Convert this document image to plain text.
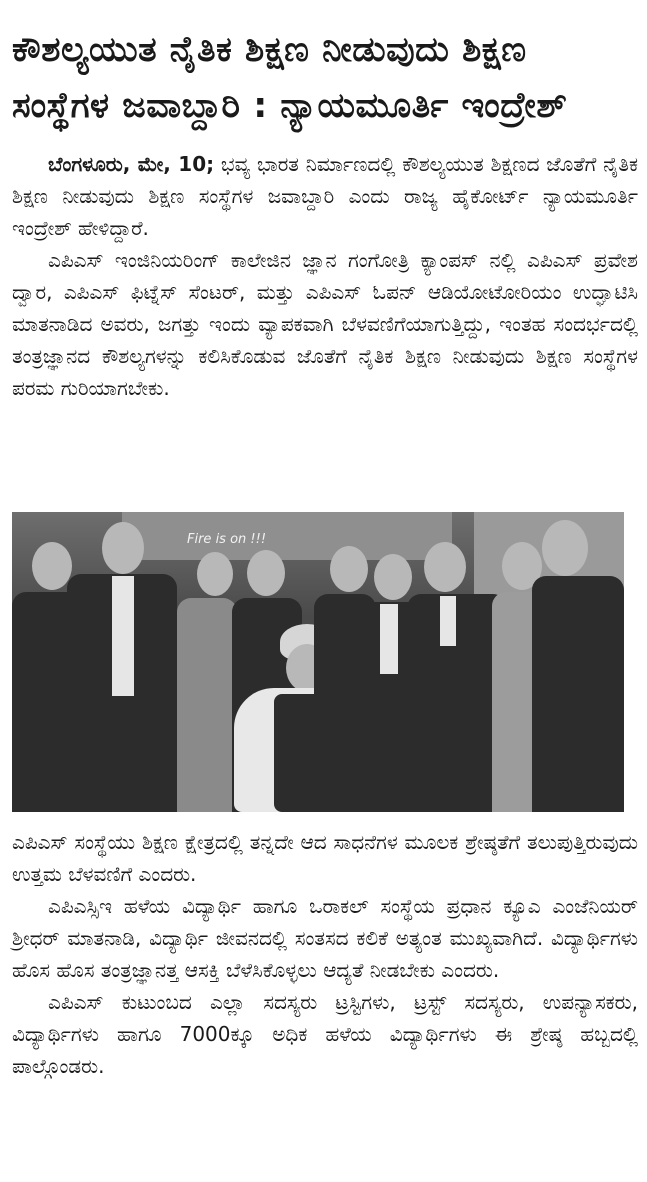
ಕೌಶಲ್ಯಯುತ ನೈತಿಕ ಶಿಕ್ಷಣ ನೀಡುವುದು ಶಿಕ್ಷಣ
ಸಂಸ್ಥೆಗಳ ಜವಾಬ್ದಾರಿ : ನ್ಯಾಯಮೂರ್ತಿ ಇಂದ್ರೇಶ್

ಬೆಂಗಳೂರು, ಮೇ, 10; ಭವ್ಯ ಭಾರತ ನಿರ್ಮಾಣದಲ್ಲಿ ಕೌಶಲ್ಯಯುತ ಶಿಕ್ಷಣದ ಜೊತೆಗೆ ನೈತಿಕ ಶಿಕ್ಷಣ ನೀಡುವುದು ಶಿಕ್ಷಣ ಸಂಸ್ಥೆಗಳ ಜವಾಬ್ದಾರಿ ಎಂದು ರಾಜ್ಯ ಹೈಕೋರ್ಟ್ ನ್ಯಾಯಮೂರ್ತಿ ಇಂದ್ರೇಶ್ ಹೇಳಿದ್ದಾರೆ.

ಎಪಿಎಸ್ ಇಂಜಿನಿಯರಿಂಗ್ ಕಾಲೇಜಿನ ಜ್ಞಾನ ಗಂಗೋತ್ರಿ ಕ್ಯಾಂಪಸ್ ನಲ್ಲಿ ಎಪಿಎಸ್ ಪ್ರವೇಶ ದ್ವಾರ, ಎಪಿಎಸ್ ಫಿಟ್ನೆಸ್ ಸೆಂಟರ್, ಮತ್ತು ಎಪಿಎಸ್ ಓಪನ್ ಆಡಿಯೋಟೋರಿಯಂ ಉದ್ಘಾಟಿಸಿ ಮಾತನಾಡಿದ ಅವರು, ಜಗತ್ತು ಇಂದು ವ್ಯಾಪಕವಾಗಿ ಬೆಳವಣಿಗೆಯಾಗುತ್ತಿದ್ದು, ಇಂತಹ ಸಂದರ್ಭದಲ್ಲಿ ತಂತ್ರಜ್ಞಾನದ ಕೌಶಲ್ಯಗಳನ್ನು ಕಲಿಸಿಕೊಡುವ ಜೊತೆಗೆ ನೈತಿಕ ಶಿಕ್ಷಣ ನೀಡುವುದು ಶಿಕ್ಷಣ ಸಂಸ್ಥೆಗಳ ಪರಮ ಗುರಿಯಾಗಬೇಕು.

Fire is on !!!

ಎಪಿಎಸ್ ಸಂಸ್ಥೆಯು ಶಿಕ್ಷಣ ಕ್ಷೇತ್ರದಲ್ಲಿ ತನ್ನದೇ ಆದ ಸಾಧನೆಗಳ ಮೂಲಕ ಶ್ರೇಷ್ಠತೆಗೆ ತಲುಪುತ್ತಿರುವುದು ಉತ್ತಮ ಬೆಳವಣಿಗೆ ಎಂದರು.

ಎಪಿಎಸ್ಸಿಇ ಹಳೆಯ ವಿದ್ಯಾರ್ಥಿ ಹಾಗೂ ಒರಾಕಲ್ ಸಂಸ್ಥೆಯ ಪ್ರಧಾನ ಕ್ಯೂಎ ಎಂಜೆನಿಯರ್ ಶ್ರೀಧರ್ ಮಾತನಾಡಿ, ವಿದ್ಯಾರ್ಥಿ ಜೀವನದಲ್ಲಿ ಸಂತಸದ ಕಲಿಕೆ ಅತ್ಯಂತ ಮುಖ್ಯವಾಗಿದೆ. ವಿದ್ಯಾರ್ಥಿಗಳು ಹೊಸ ಹೊಸ ತಂತ್ರಜ್ಞಾನತ್ತ ಆಸಕ್ತಿ ಬೆಳೆಸಿಕೊಳ್ಳಲು ಆದ್ಯತೆ ನೀಡಬೇಕು ಎಂದರು.

ಎಪಿಎಸ್ ಕುಟುಂಬದ ಎಲ್ಲಾ ಸದಸ್ಯರು ಟ್ರಸ್ಟಿಗಳು, ಟ್ರಸ್ಟ್ ಸದಸ್ಯರು, ಉಪನ್ಯಾಸಕರು, ವಿದ್ಯಾರ್ಥಿಗಳು ಹಾಗೂ 7000ಕ್ಕೂ ಅಧಿಕ ಹಳೆಯ ವಿದ್ಯಾರ್ಥಿಗಳು ಈ ಶ್ರೇಷ್ಠ ಹಬ್ಬದಲ್ಲಿ ಪಾಲ್ಗೊಂಡರು.
